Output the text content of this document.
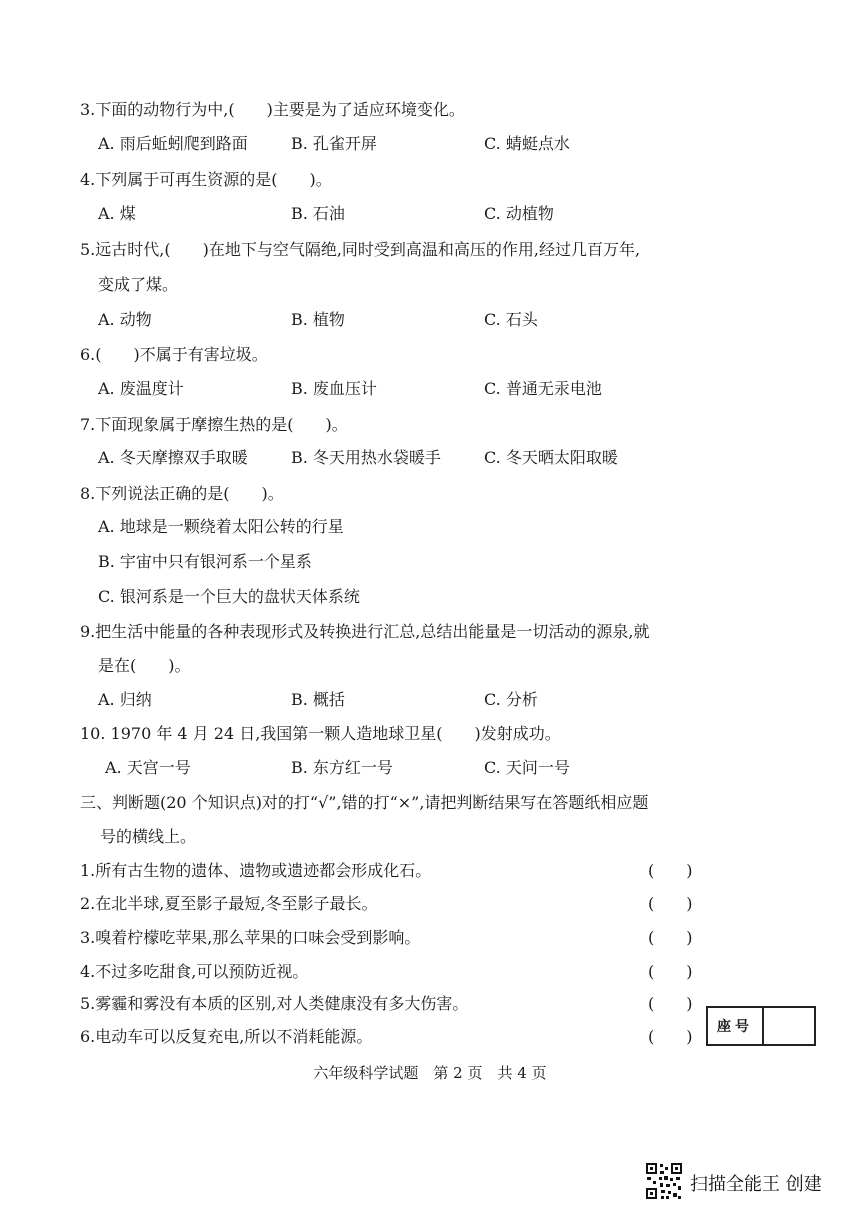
3.下面的动物行为中,(　　)主要是为了适应环境变化。
A. 雨后蚯蚓爬到路面	B. 孔雀开屏	C. 蜻蜓点水
4.下列属于可再生资源的是(　　)。
A. 煤	B. 石油	C. 动植物
5.远古时代,(　　)在地下与空气隔绝,同时受到高温和高压的作用,经过几百万年,
变成了煤。
A. 动物	B. 植物	C. 石头
6.(　　)不属于有害垃圾。
A. 废温度计	B. 废血压计	C. 普通无汞电池
7.下面现象属于摩擦生热的是(　　)。
A. 冬天摩擦双手取暖	B. 冬天用热水袋暖手	C. 冬天晒太阳取暖
8.下列说法正确的是(　　)。
A. 地球是一颗绕着太阳公转的行星
B. 宇宙中只有银河系一个星系
C. 银河系是一个巨大的盘状天体系统
9.把生活中能量的各种表现形式及转换进行汇总,总结出能量是一切活动的源泉,就
是在(　　)。
A. 归纳	B. 概括	C. 分析
10. 1970 年 4 月 24 日,我国第一颗人造地球卫星(　　)发射成功。
A. 天宫一号	B. 东方红一号	C. 天问一号
三、判断题(20 个知识点)对的打“√”,错的打“×”,请把判断结果写在答题纸相应题
号的横线上。
1.所有古生物的遗体、遗物或遗迹都会形成化石。	(　　)
2.在北半球,夏至影子最短,冬至影子最长。	(　　)
3.嗅着柠檬吃苹果,那么苹果的口味会受到影响。	(　　)
4.不过多吃甜食,可以预防近视。	(　　)
5.雾霾和雾没有本质的区别,对人类健康没有多大伤害。	(　　)
6.电动车可以反复充电,所以不消耗能源。	(　　)	座号
六年级科学试题　第 2 页　共 4 页
扫描全能王 创建
